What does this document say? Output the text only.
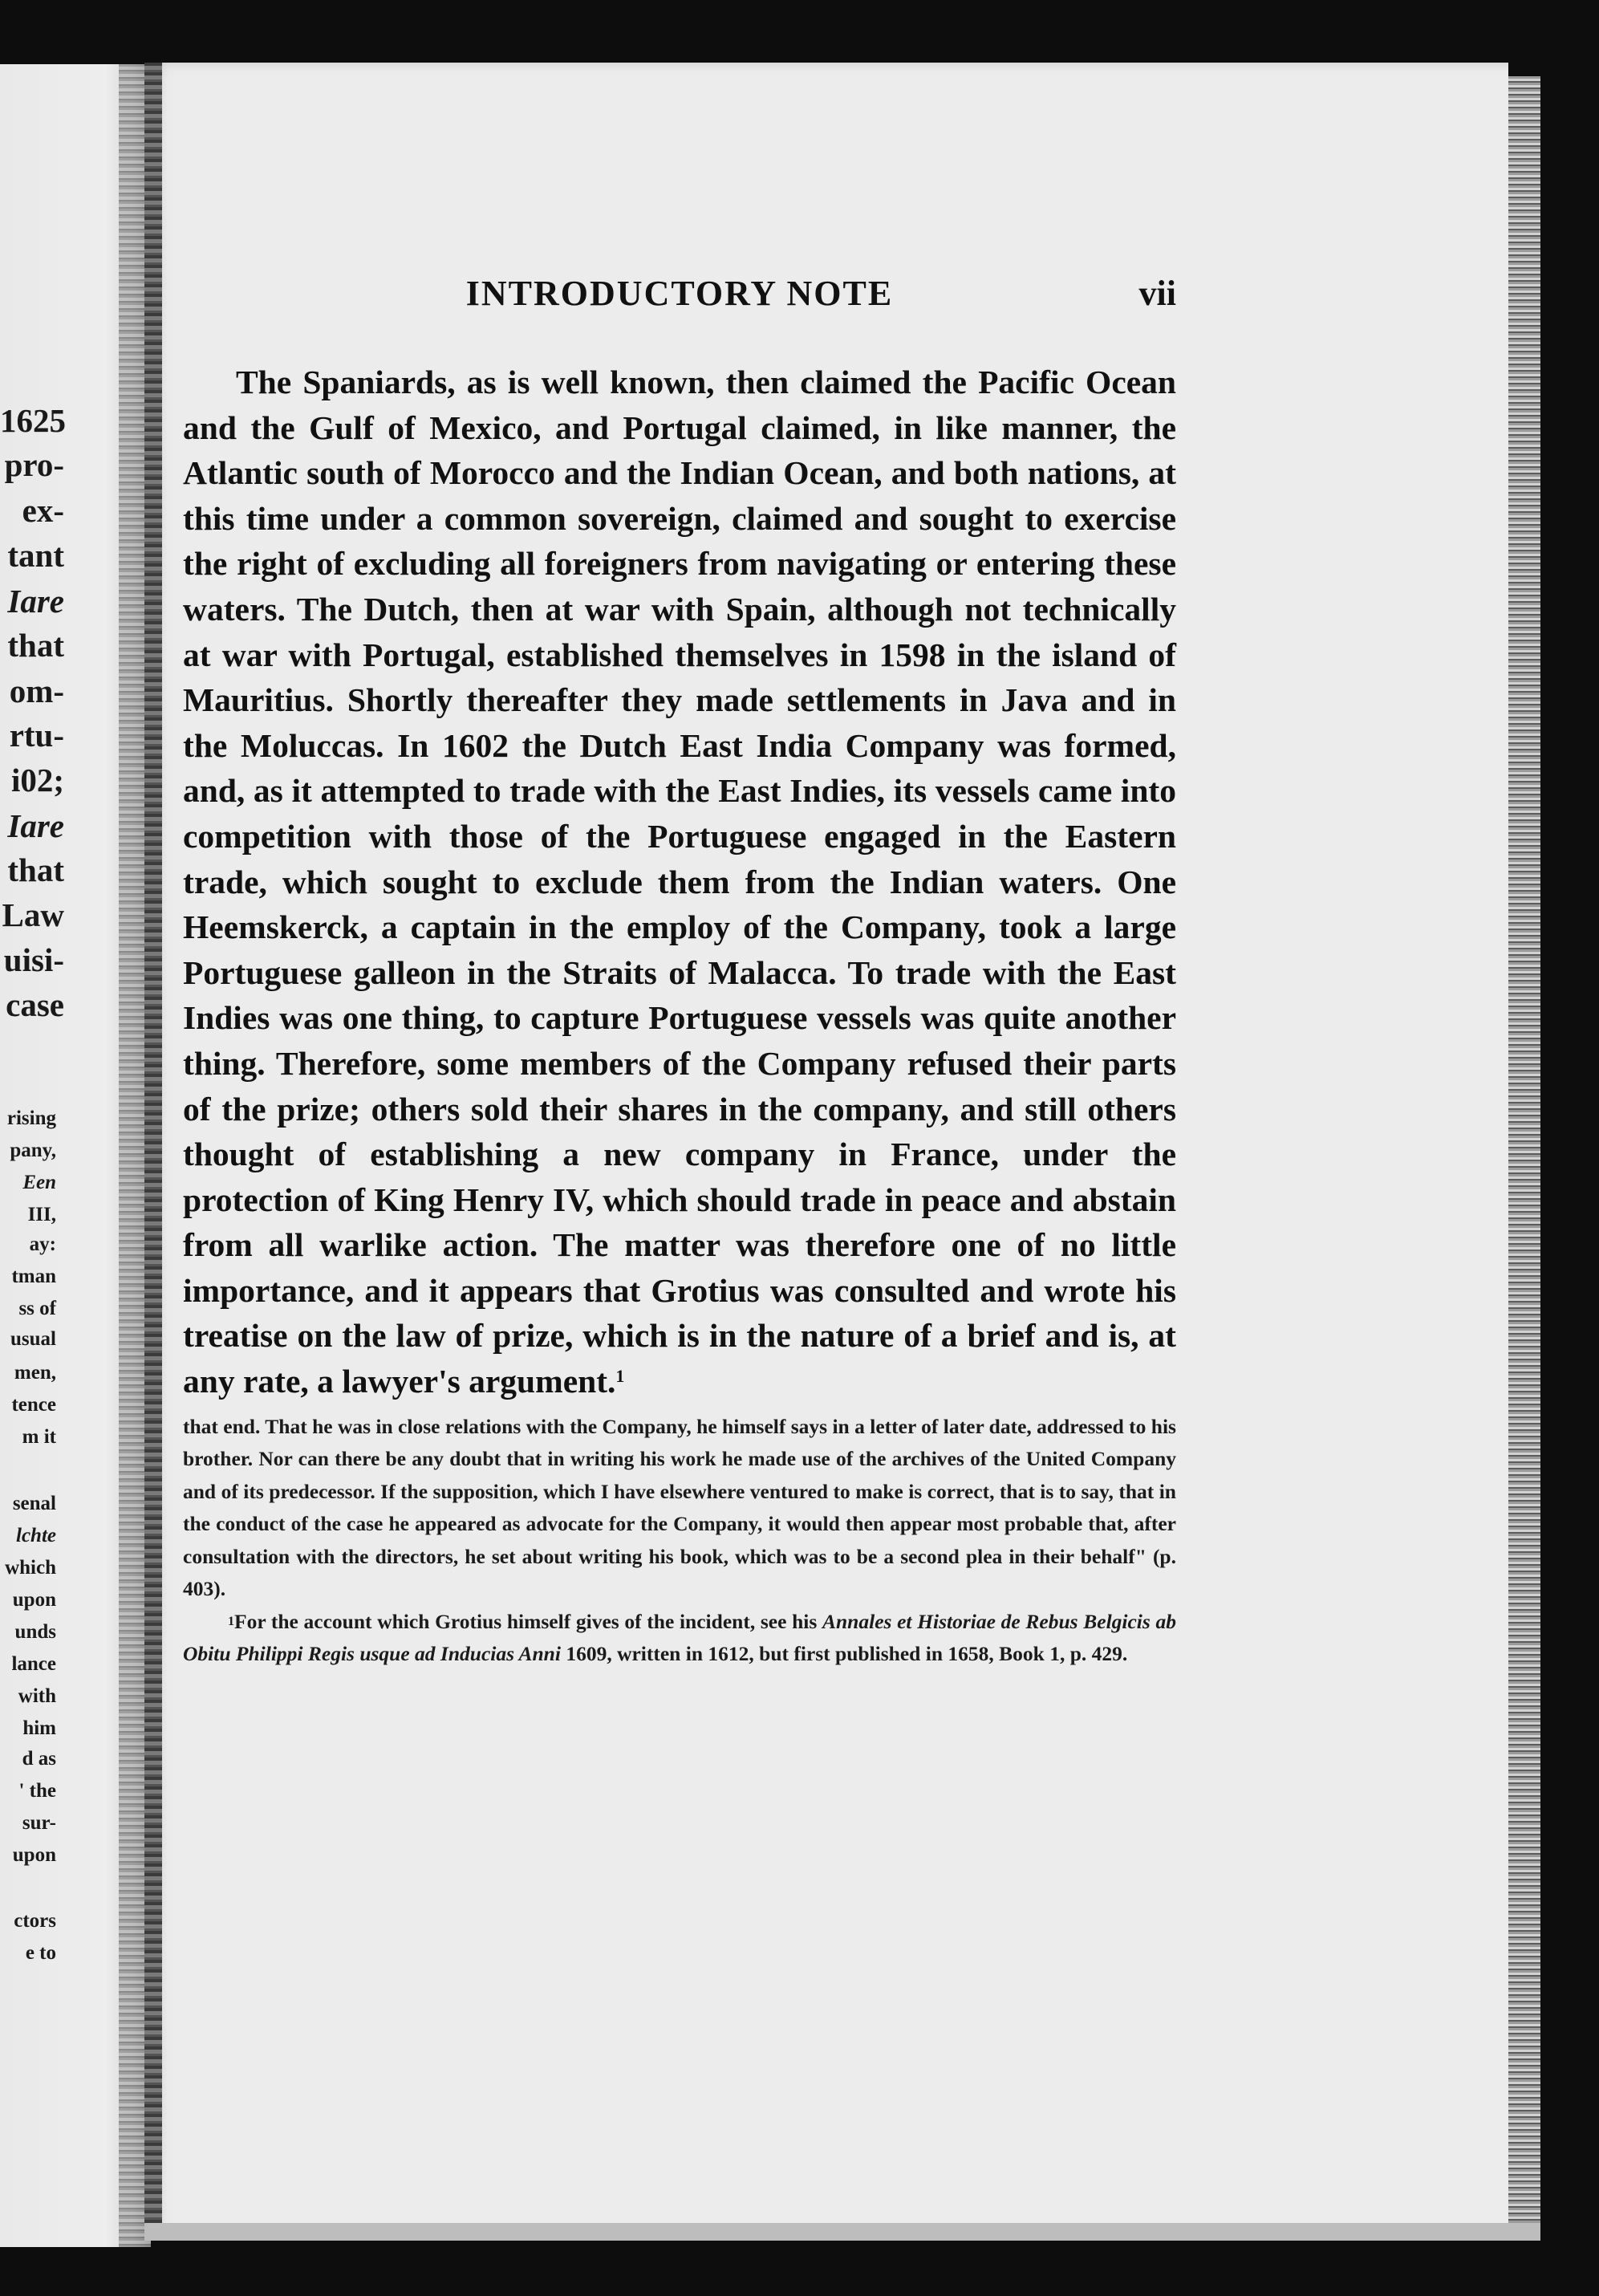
1625
pro-
ex-
tant
Iare
that
om-
rtu-
i02;
Iare
that
Law
uisi-
case
rising
pany,
Een
III,
ay:
tman
ss of
usual
men,
tence
m it
senal
lchte
which
upon
unds
lance
with
him
d as
' the
sur-
upon
ctors
e to
INTRODUCTORY NOTE	vii

The Spaniards, as is well known, then claimed the Pacific Ocean and the Gulf of Mexico, and Portugal claimed, in like manner, the Atlantic south of Morocco and the Indian Ocean, and both nations, at this time under a common sovereign, claimed and sought to exercise the right of excluding all foreigners from navigating or entering these waters. The Dutch, then at war with Spain, although not technically at war with Portugal, established themselves in 1598 in the island of Mauritius. Shortly thereafter they made settlements in Java and in the Moluccas. In 1602 the Dutch East India Company was formed, and, as it attempted to trade with the East Indies, its vessels came into competition with those of the Portuguese engaged in the Eastern trade, which sought to exclude them from the Indian waters. One Heemskerck, a captain in the employ of the Company, took a large Portuguese galleon in the Straits of Malacca. To trade with the East Indies was one thing, to capture Portuguese vessels was quite another thing. Therefore, some members of the Company refused their parts of the prize; others sold their shares in the company, and still others thought of establishing a new company in France, under the protection of King Henry IV, which should trade in peace and abstain from all warlike action. The matter was therefore one of no little importance, and it appears that Grotius was consulted and wrote his treatise on the law of prize, which is in the nature of a brief and is, at any rate, a lawyer's argument.$^1$

that end. That he was in close relations with the Company, he himself says in a letter of later date, addressed to his brother. Nor can there be any doubt that in writing his work he made use of the archives of the United Company and of its predecessor. If the supposition, which I have elsewhere ventured to make is correct, that is to say, that in the conduct of the case he appeared as advocate for the Company, it would then appear most probable that, after consultation with the directors, he set about writing his book, which was to be a second plea in their behalf" (p. 403).

$^1$For the account which Grotius himself gives of the incident, see his Annales et Historiae de Rebus Belgicis ab Obitu Philippi Regis usque ad Inducias Anni 1609, written in 1612, but first published in 1658, Book 1, p. 429.
